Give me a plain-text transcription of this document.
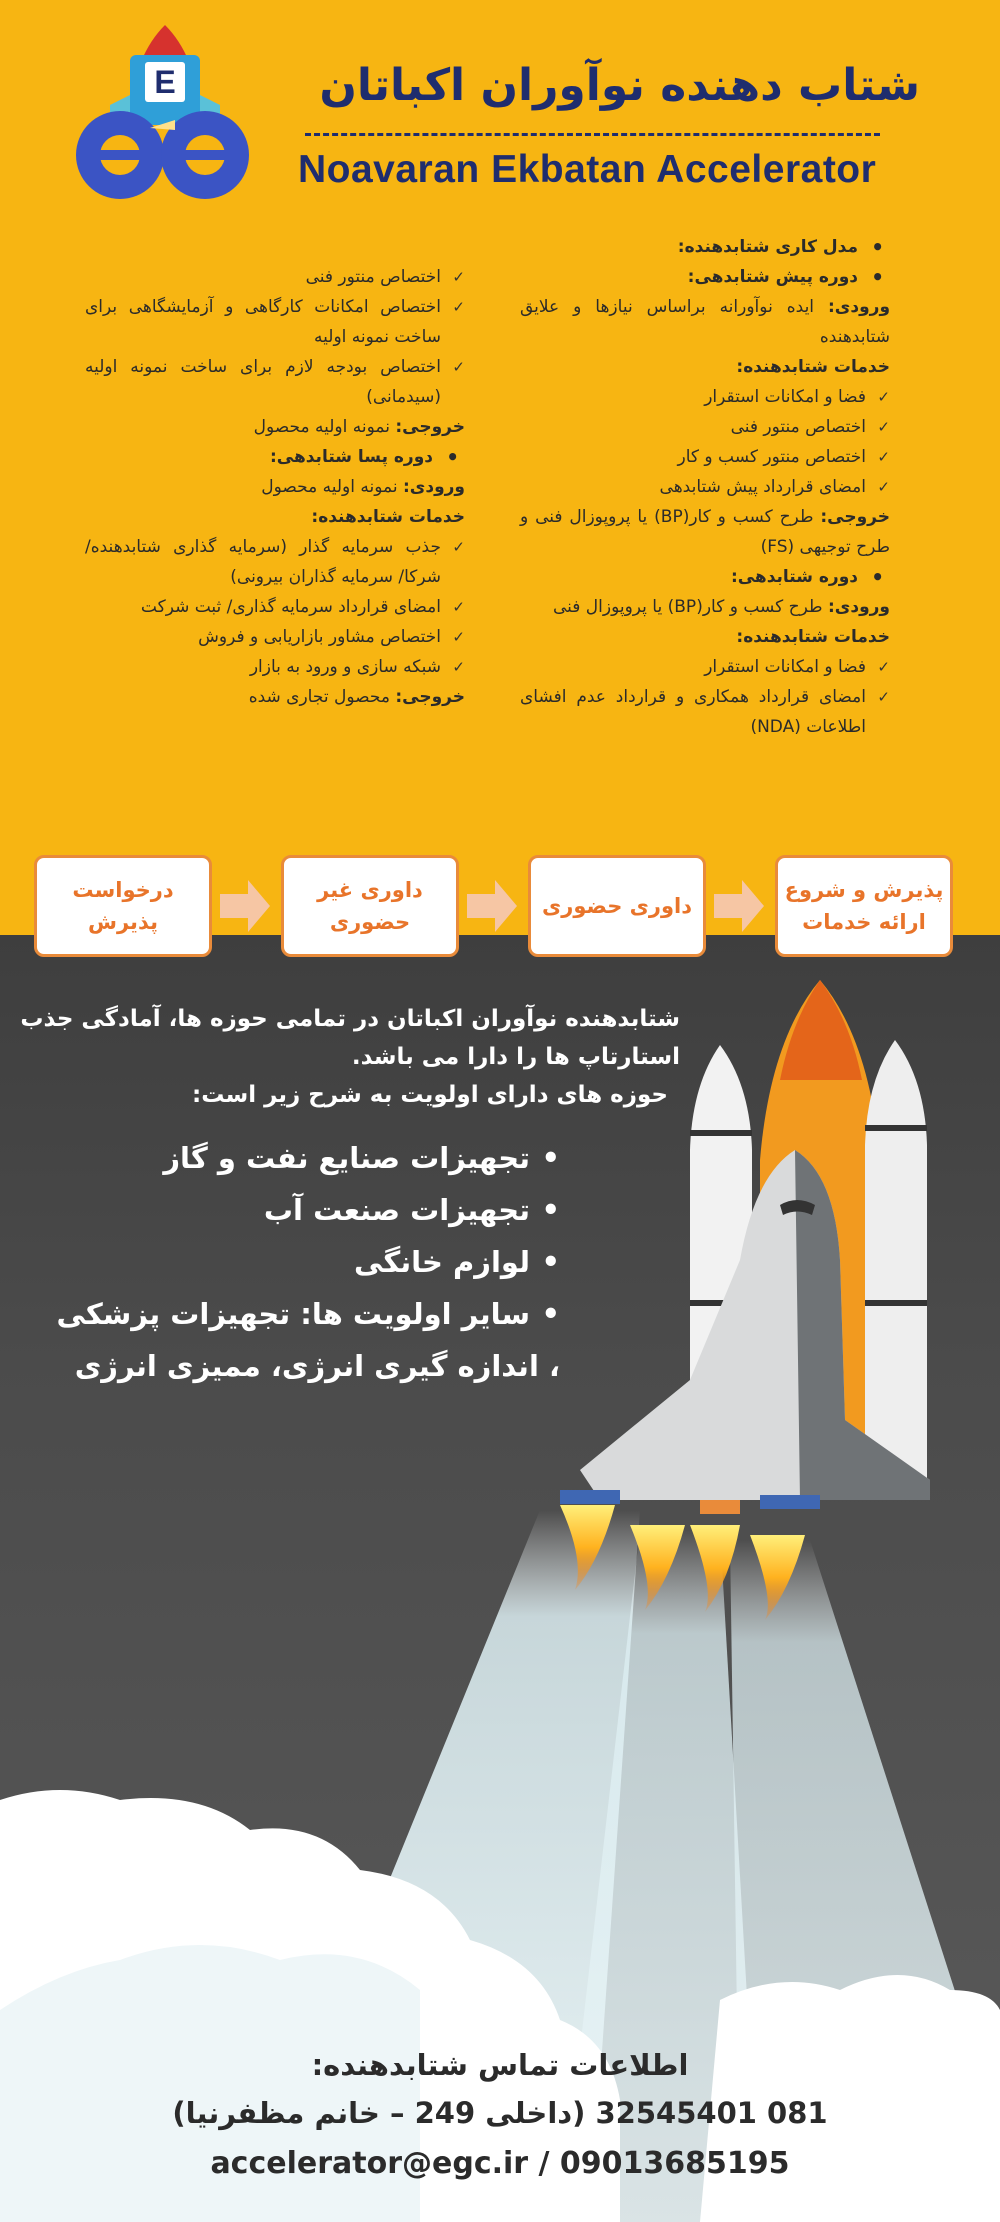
E	شتاب دهنده نوآوران اکباتان
Noavaran Ekbatan Accelerator
• مدل کاری شتابدهنده:
• دوره پیش شتابدهی:
ورودی: ایده نوآورانه براساس نیازها و علایق شتابدهنده
خدمات شتابدهنده:
✓ فضا و امکانات استقرار
✓ اختصاص منتور فنی
✓ اختصاص منتور کسب و کار
✓ امضای قرارداد پیش شتابدهی
خروجی: طرح کسب و کار(BP) یا پروپوزال فنی و طرح توجیهی (FS)
• دوره شتابدهی:
ورودی: طرح کسب و کار(BP) یا پروپوزال فنی
خدمات شتابدهنده:
✓ فضا و امکانات استقرار
✓ امضای قرارداد همکاری و قرارداد عدم افشای اطلاعات (NDA)
✓ اختصاص منتور فنی
✓ اختصاص امکانات کارگاهی و آزمایشگاهی برای ساخت نمونه اولیه
✓ اختصاص بودجه لازم برای ساخت نمونه اولیه (سیدمانی)
خروجی: نمونه اولیه محصول
• دوره پسا شتابدهی:
ورودی: نمونه اولیه محصول
خدمات شتابدهنده:
✓ جذب سرمایه گذار (سرمایه گذاری شتابدهنده/ شرکا/ سرمایه گذاران بیرونی)
✓ امضای قرارداد سرمایه گذاری/ ثبت شرکت
✓ اختصاص مشاور بازاریابی و فروش
✓ شبکه سازی و ورود به بازار
خروجی: محصول تجاری شده
پذیرش و شروع ارائه خدمات
داوری حضوری
داوری غیر حضوری
درخواست پذیرش
شتابدهنده نوآوران اکباتان در تمامی حوزه ها، آمادگی جذب
استارتاپ ها را دارا می باشد.
حوزه های دارای اولویت به شرح زیر است:
• تجهیزات صنایع نفت و گاز
• تجهیزات صنعت آب
• لوازم خانگی
• سایر اولویت ها: تجهیزات پزشکی
، اندازه گیری انرژی، ممیزی انرژی
اطلاعات تماس شتابدهنده:
081 32545401 (داخلی 249 – خانم مظفرنیا)
accelerator@egc.ir / 09013685195
